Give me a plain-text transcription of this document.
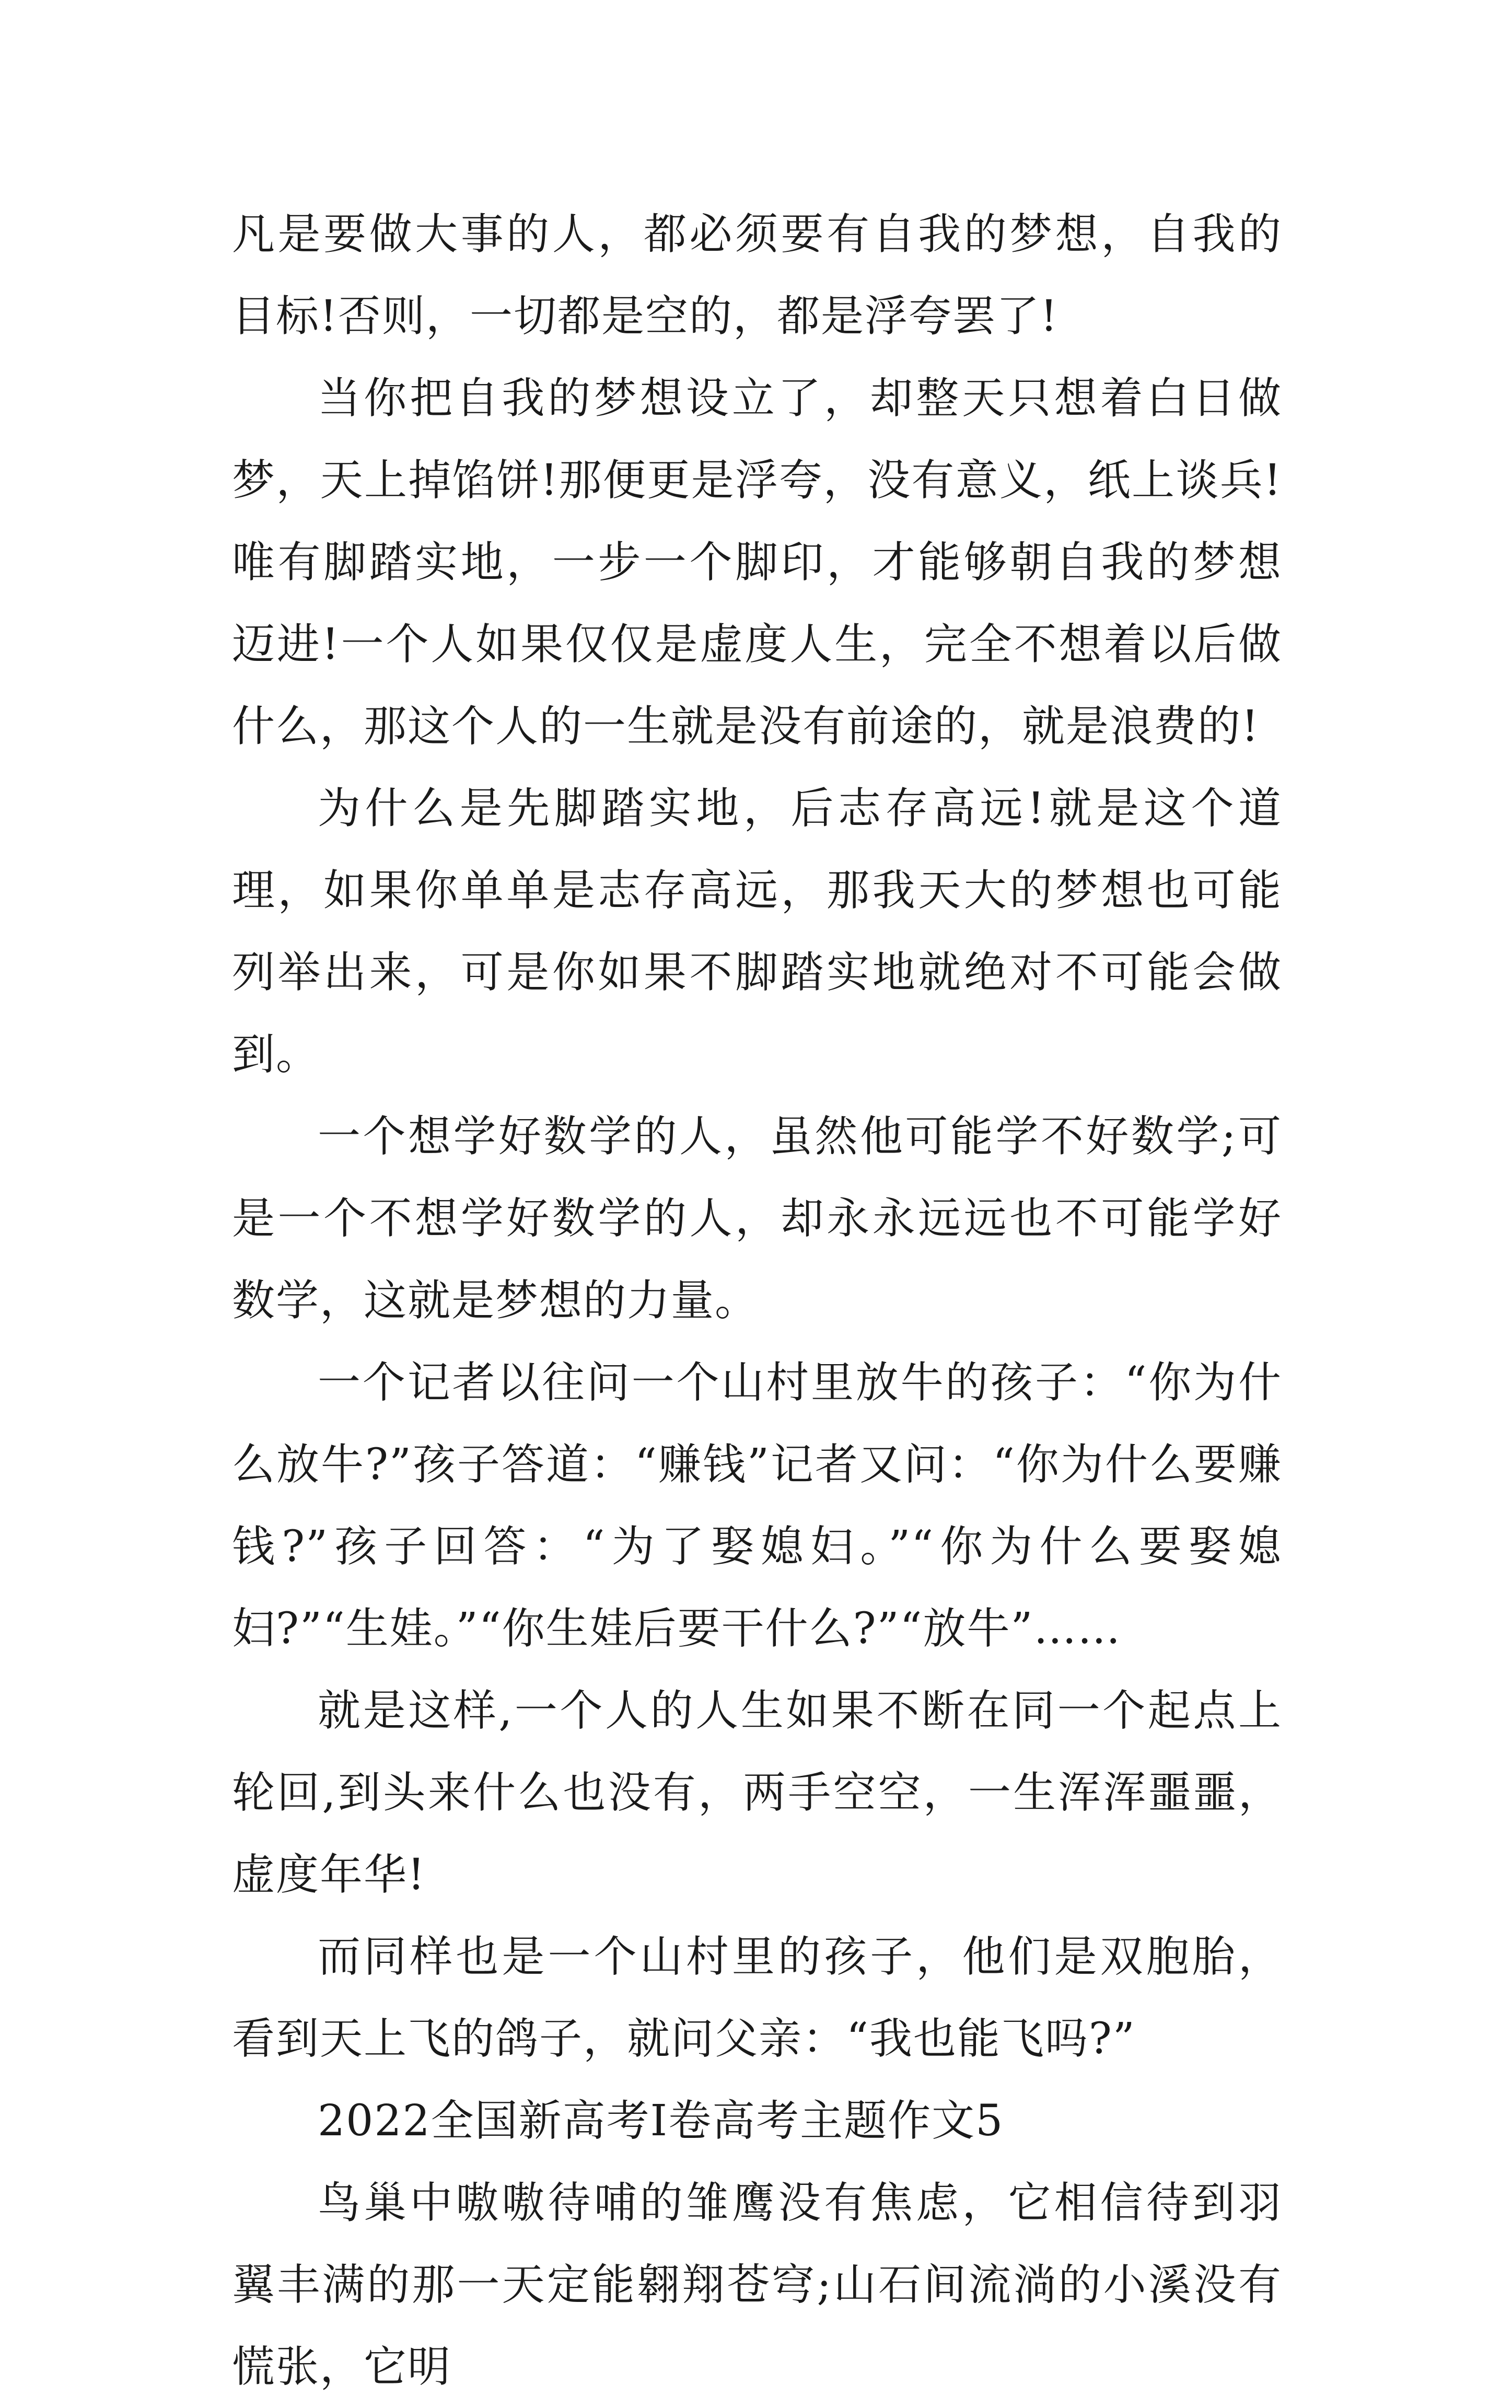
凡是要做大事的人，都必须要有自我的梦想，自我的目标!否则，一切都是空的，都是浮夸罢了!

当你把自我的梦想设立了，却整天只想着白日做梦，天上掉馅饼!那便更是浮夸，没有意义，纸上谈兵!唯有脚踏实地，一步一个脚印，才能够朝自我的梦想迈进!一个人如果仅仅是虚度人生，完全不想着以后做什么，那这个人的一生就是没有前途的，就是浪费的!

为什么是先脚踏实地，后志存高远!就是这个道理，如果你单单是志存高远，那我天大的梦想也可能列举出来，可是你如果不脚踏实地就绝对不可能会做到。

一个想学好数学的人，虽然他可能学不好数学;可是一个不想学好数学的人，却永永远远也不可能学好数学，这就是梦想的力量。

一个记者以往问一个山村里放牛的孩子：“你为什么放牛?”孩子答道：“赚钱”记者又问：“你为什么要赚钱?”孩子回答：“为了娶媳妇。”“你为什么要娶媳妇?”“生娃。”“你生娃后要干什么?”“放牛”……

就是这样,一个人的人生如果不断在同一个起点上轮回,到头来什么也没有，两手空空，一生浑浑噩噩，虚度年华!

而同样也是一个山村里的孩子，他们是双胞胎，看到天上飞的鸽子，就问父亲：“我也能飞吗?”

2022全国新高考Ⅰ卷高考主题作文5

鸟巢中嗷嗷待哺的雏鹰没有焦虑，它相信待到羽翼丰满的那一天定能翱翔苍穹;山石间流淌的小溪没有慌张，它明
